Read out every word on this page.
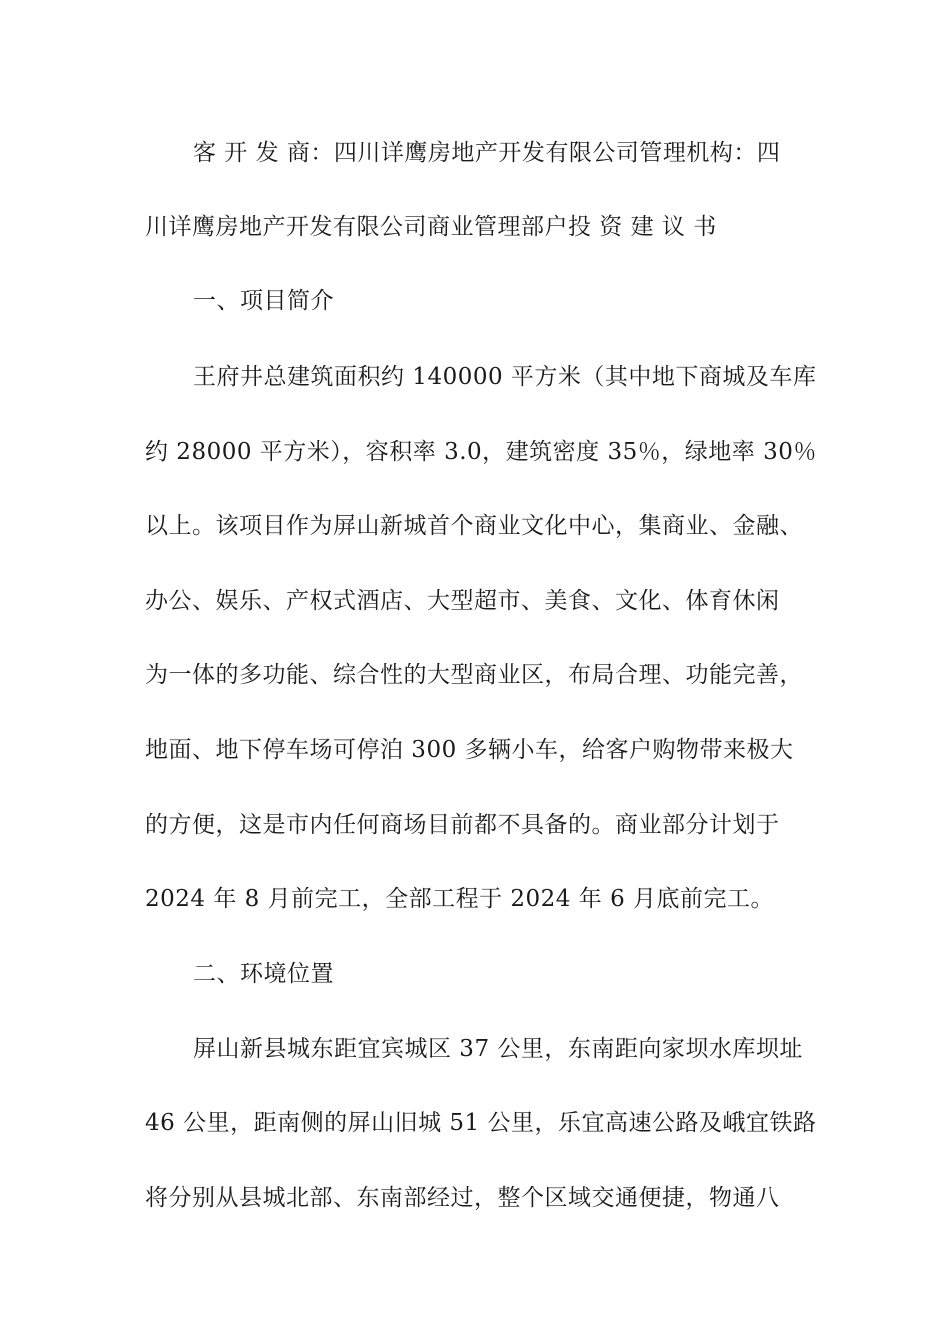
客 开 发 商：四川详鹰房地产开发有限公司管理机构：四
川详鹰房地产开发有限公司商业管理部户投 资 建 议 书
一、项目简介
王府井总建筑面积约 140000 平方米（其中地下商城及车库
约 28000 平方米），容积率 3.0，建筑密度 35％，绿地率 30％
以上。该项目作为屏山新城首个商业文化中心，集商业、金融、
办公、娱乐、产权式酒店、大型超市、美食、文化、体育休闲
为一体的多功能、综合性的大型商业区，布局合理、功能完善，
地面、地下停车场可停泊 300 多辆小车，给客户购物带来极大
的方便，这是市内任何商场目前都不具备的。商业部分计划于
2024 年 8 月前完工，全部工程于 2024 年 6 月底前完工。
二、环境位置
屏山新县城东距宜宾城区 37 公里，东南距向家坝水库坝址
46 公里，距南侧的屏山旧城 51 公里，乐宜高速公路及峨宜铁路
将分别从县城北部、东南部经过，整个区域交通便捷，物通八
